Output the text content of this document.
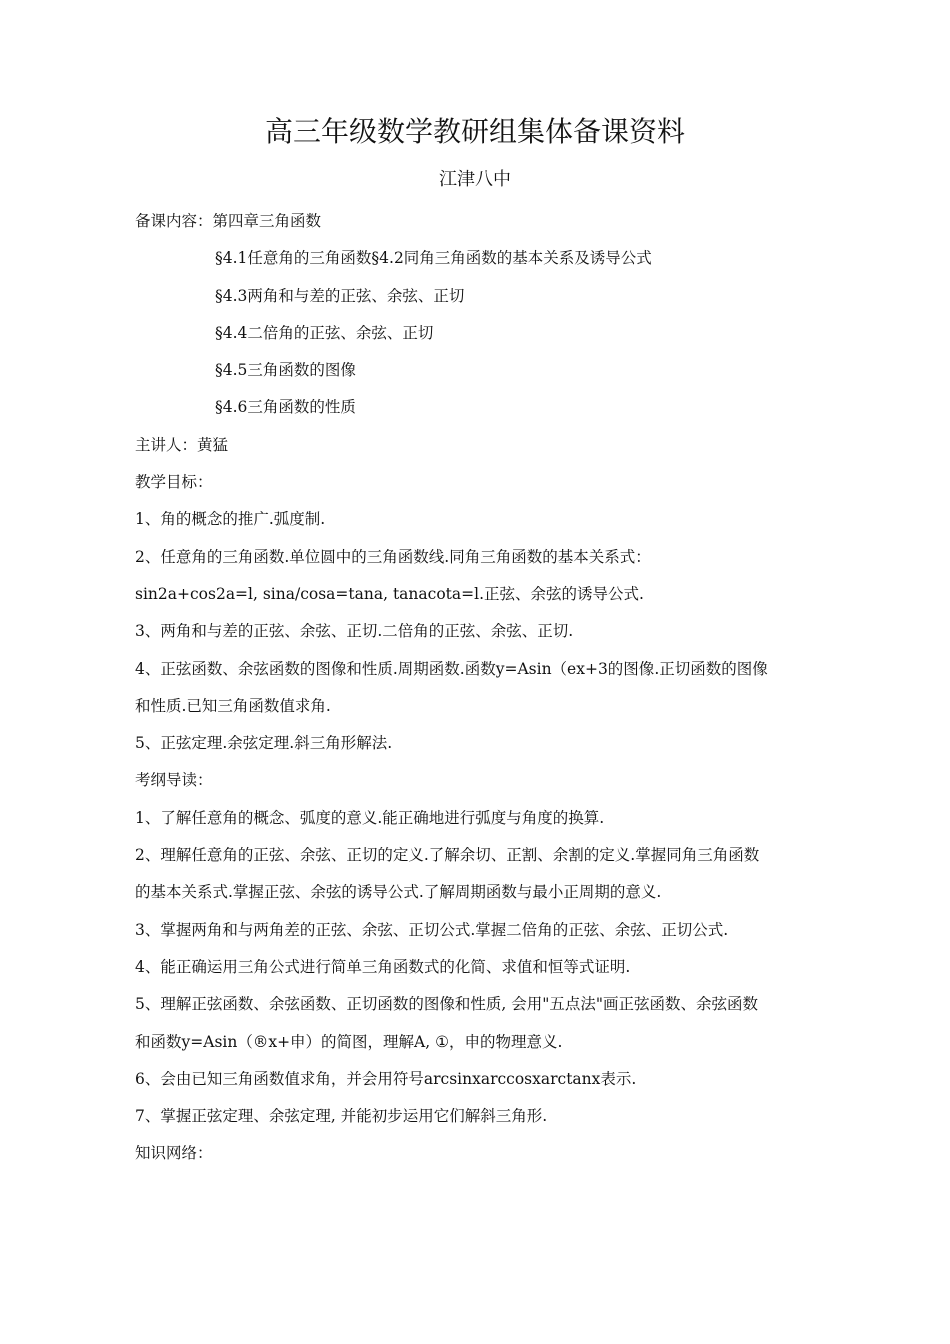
高三年级数学教研组集体备课资料
江津八中

备课内容：第四章三角函数

§4.1任意角的三角函数§4.2同角三角函数的基本关系及诱导公式

§4.3两角和与差的正弦、余弦、正切

§4.4二倍角的正弦、余弦、正切

§4.5三角函数的图像

§4.6三角函数的性质

主讲人：黄猛

教学目标：

1、角的概念的推广.弧度制.

2、任意角的三角函数.单位圆中的三角函数线.同角三角函数的基本关系式：

sin2a+cos2a=l, sina/cosa=tana, tanacota=l.正弦、余弦的诱导公式.

3、两角和与差的正弦、余弦、正切.二倍角的正弦、余弦、正切.

4、正弦函数、余弦函数的图像和性质.周期函数.函数y=Asin（ex+3的图像.正切函数的图像

和性质.已知三角函数值求角.

5、正弦定理.余弦定理.斜三角形解法.

考纲导读：

1、了解任意角的概念、弧度的意义.能正确地进行弧度与角度的换算.

2、理解任意角的正弦、余弦、正切的定义.了解余切、正割、余割的定义.掌握同角三角函数

的基本关系式.掌握正弦、余弦的诱导公式.了解周期函数与最小正周期的意义.

3、掌握两角和与两角差的正弦、余弦、正切公式.掌握二倍角的正弦、余弦、正切公式.

4、能正确运用三角公式进行简单三角函数式的化简、求值和恒等式证明.

5、理解正弦函数、余弦函数、正切函数的图像和性质, 会用"五点法"画正弦函数、余弦函数

和函数y=Asin（®x+申）的简图，理解A, ①，申的物理意义.

6、会由已知三角函数值求角，并会用符号arcsinxarccosxarctanx表示.

7、掌握正弦定理、余弦定理, 并能初步运用它们解斜三角形.

知识网络：
